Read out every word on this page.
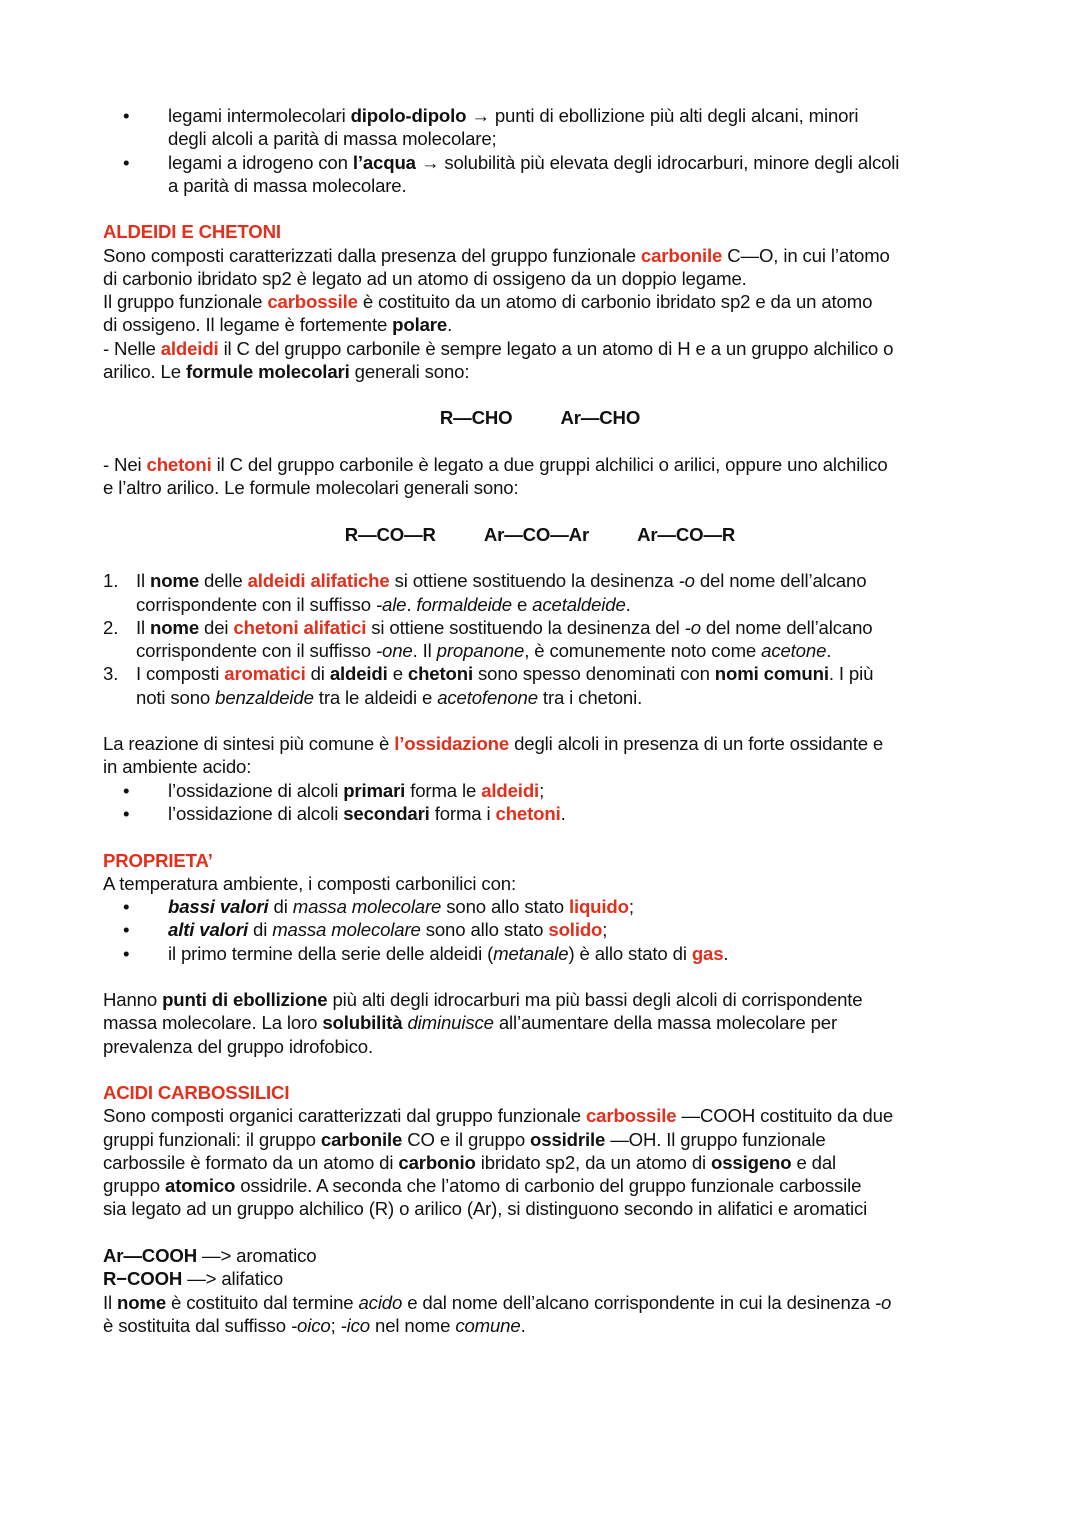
• legami intermolecolari dipolo-dipolo → punti di ebollizione più alti degli alcani, minori
degli alcoli a parità di massa molecolare;
• legami a idrogeno con l’acqua → solubilità più elevata degli idrocarburi, minore degli alcoli
a parità di massa molecolare.
ALDEIDI E CHETONI
Sono composti caratterizzati dalla presenza del gruppo funzionale carbonile C—O, in cui l’atomo
di carbonio ibridato sp2 è legato ad un atomo di ossigeno da un doppio legame.
Il gruppo funzionale carbossile è costituito da un atomo di carbonio ibridato sp2 e da un atomo
di ossigeno. Il legame è fortemente polare.
- Nelle aldeidi il C del gruppo carbonile è sempre legato a un atomo di H e a un gruppo alchilico o
arilico. Le formule molecolari generali sono:
R—CHO	Ar—CHO
- Nei chetoni il C del gruppo carbonile è legato a due gruppi alchilici o arilici, oppure uno alchilico
e l’altro arilico. Le formule molecolari generali sono:
R—CO—R	Ar—CO—Ar	Ar—CO—R
1. Il nome delle aldeidi alifatiche si ottiene sostituendo la desinenza -o del nome dell’alcano
corrispondente con il suffisso -ale. formaldeide e acetaldeide.
2. Il nome dei chetoni alifatici si ottiene sostituendo la desinenza del -o del nome dell’alcano
corrispondente con il suffisso -one. Il propanone, è comunemente noto come acetone.
3. I composti aromatici di aldeidi e chetoni sono spesso denominati con nomi comuni. I più
noti sono benzaldeide tra le aldeidi e acetofenone tra i chetoni.
La reazione di sintesi più comune è l’ossidazione degli alcoli in presenza di un forte ossidante e
in ambiente acido:
• l’ossidazione di alcoli primari forma le aldeidi;
• l’ossidazione di alcoli secondari forma i chetoni.
PROPRIETA’
A temperatura ambiente, i composti carbonilici con:
• bassi valori di massa molecolare sono allo stato liquido;
• alti valori di massa molecolare sono allo stato solido;
• il primo termine della serie delle aldeidi (metanale) è allo stato di gas.
Hanno punti di ebollizione più alti degli idrocarburi ma più bassi degli alcoli di corrispondente
massa molecolare. La loro solubilità diminuisce all’aumentare della massa molecolare per
prevalenza del gruppo idrofobico.
ACIDI CARBOSSILICI
Sono composti organici caratterizzati dal gruppo funzionale carbossile —COOH costituito da due
gruppi funzionali: il gruppo carbonile CO e il gruppo ossidrile —OH. Il gruppo funzionale
carbossile è formato da un atomo di carbonio ibridato sp2, da un atomo di ossigeno e dal
gruppo atomico ossidrile. A seconda che l’atomo di carbonio del gruppo funzionale carbossile
sia legato ad un gruppo alchilico (R) o arilico (Ar), si distinguono secondo in alifatici e aromatici
Ar—COOH —> aromatico
R−COOH —> alifatico
Il nome è costituito dal termine acido e dal nome dell’alcano corrispondente in cui la desinenza -o
è sostituita dal suffisso -oico; -ico nel nome comune.
